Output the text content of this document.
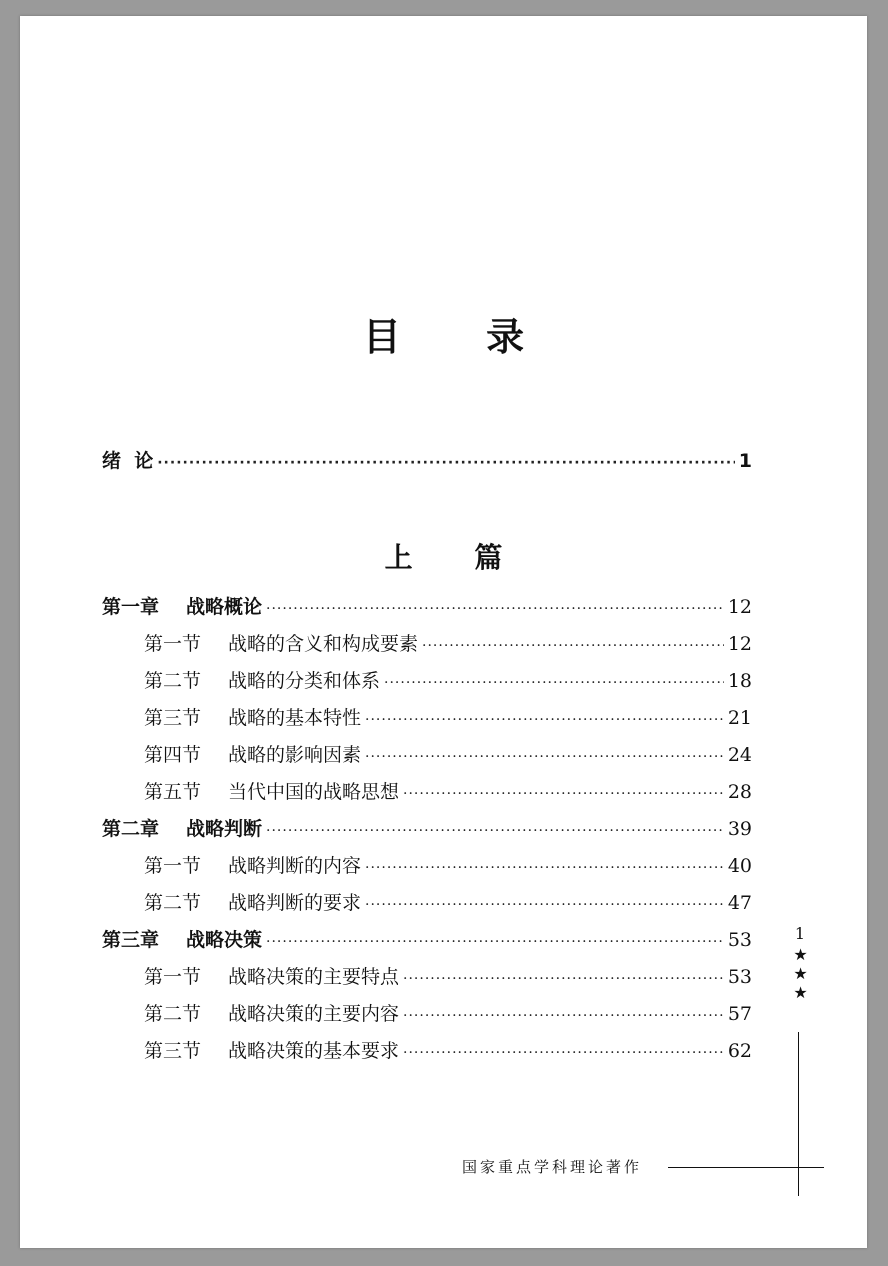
目 录
绪  论 ·····	1
上 篇
第一章	战略概论 ·····	12
第一节	战略的含义和构成要素 ·····	12
第二节	战略的分类和体系 ·····	18
第三节	战略的基本特性 ·····	21
第四节	战略的影响因素 ·····	24
第五节	当代中国的战略思想 ·····	28
第二章	战略判断 ·····	39
第一节	战略判断的内容 ·····	40
第二节	战略判断的要求 ·····	47
第三章	战略决策 ·····	53
第一节	战略决策的主要特点 ·····	53
第二节	战略决策的主要内容 ·····	57
第三节	战略决策的基本要求 ·····	62
1
★★★
国家重点学科理论著作
